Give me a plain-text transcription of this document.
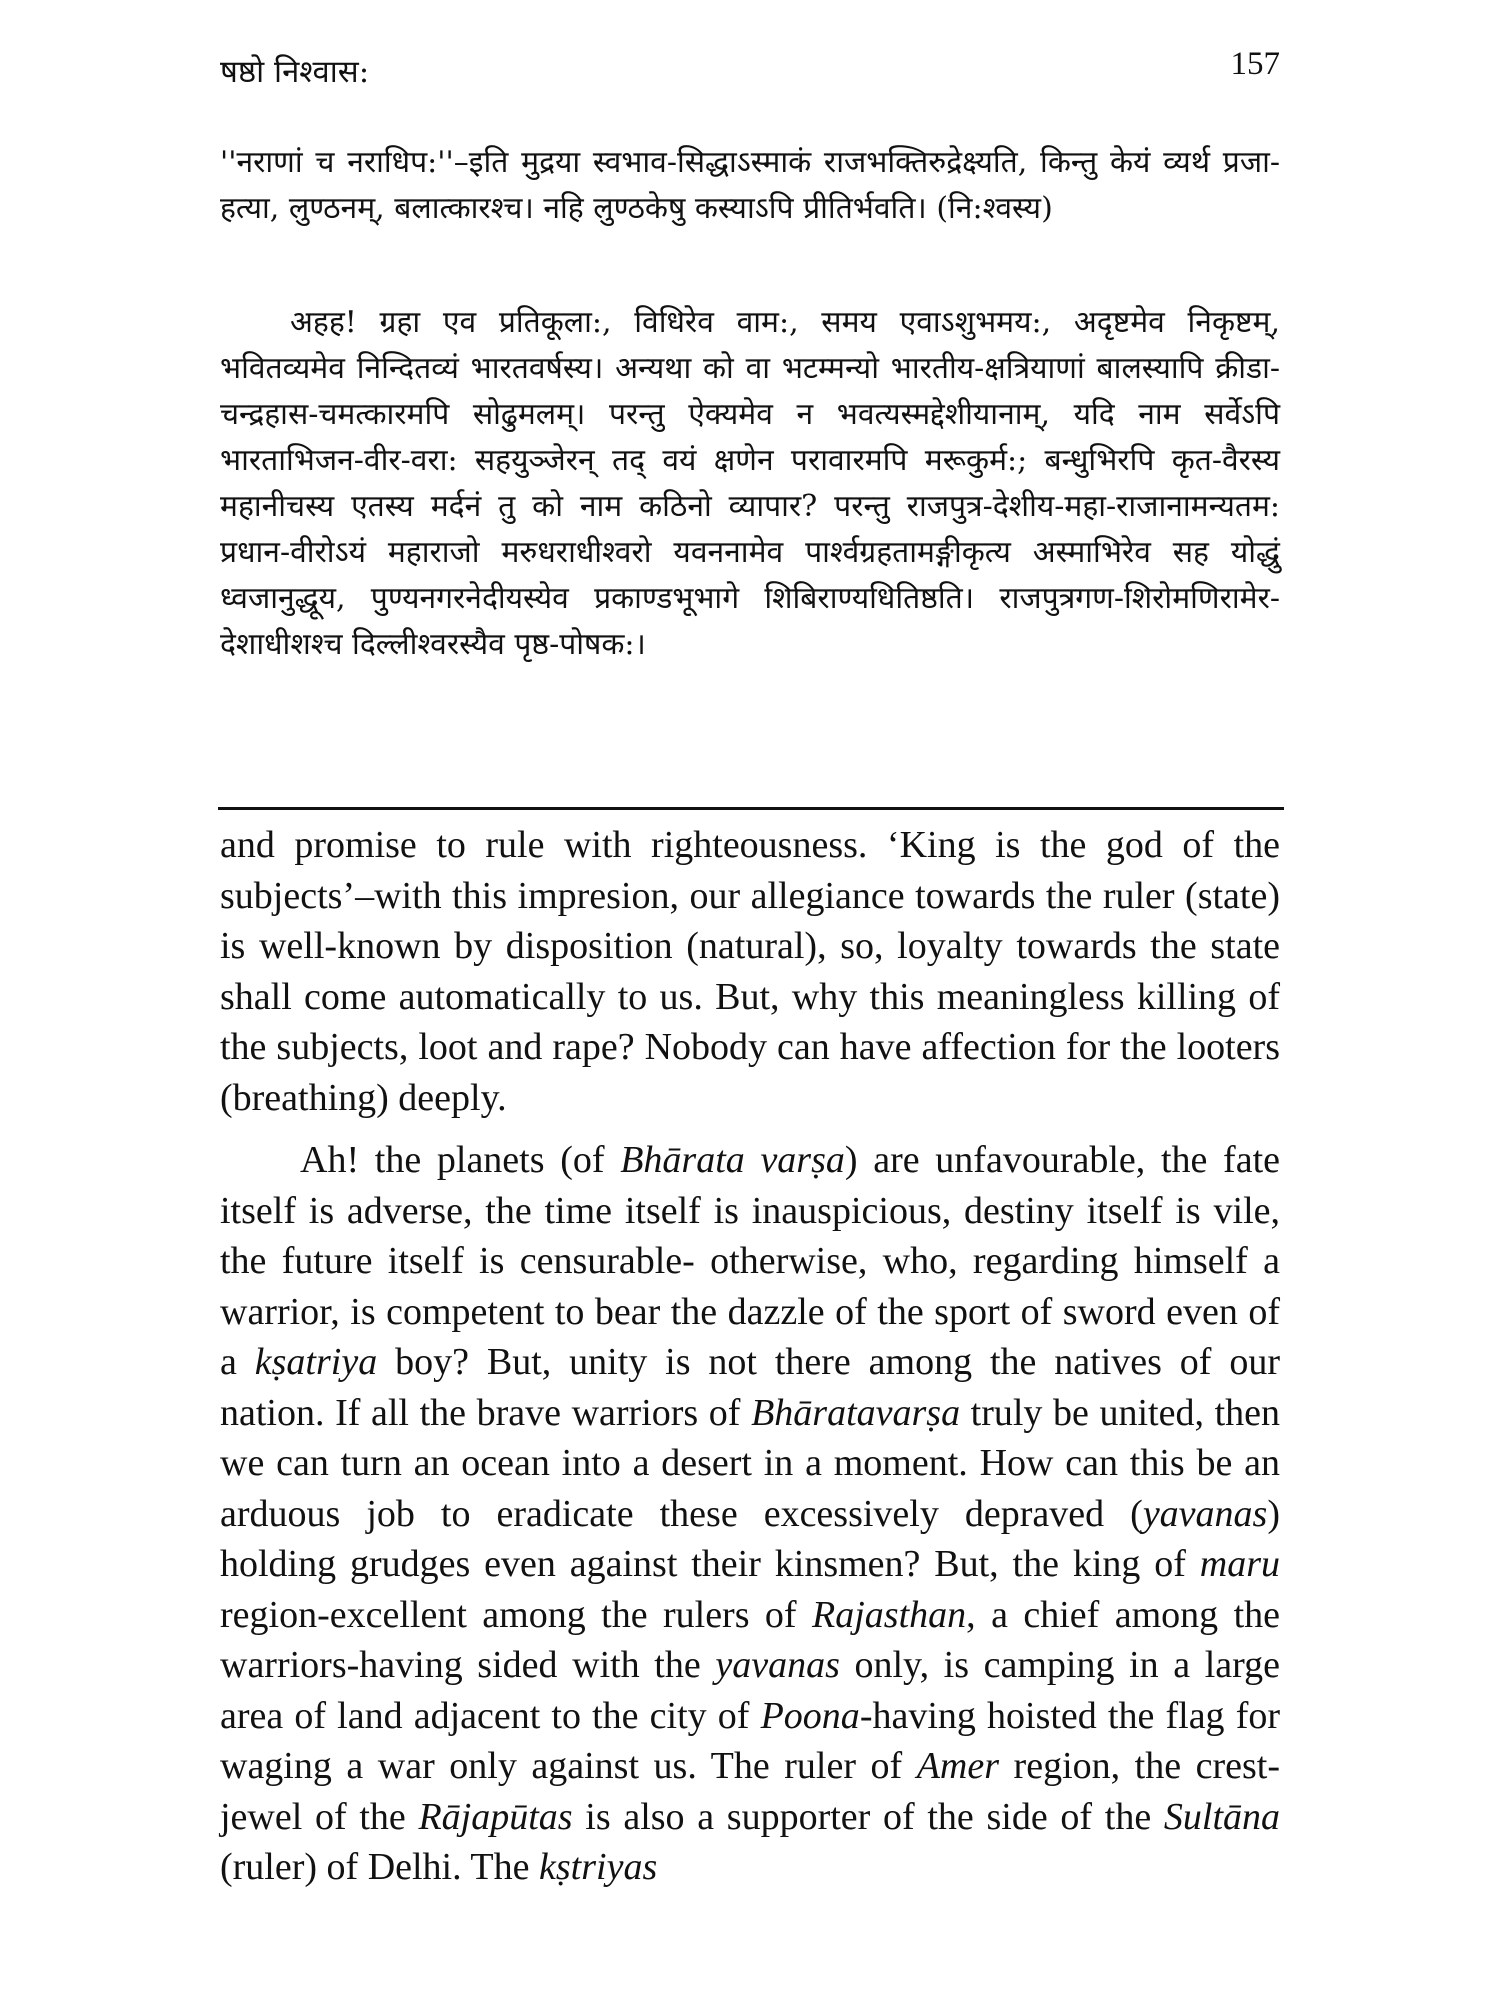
षष्ठो निश्वास:	157

''नराणां च नराधिप:''–इति मुद्रया स्वभाव-सिद्धाऽस्माकं राजभक्तिरुद्रेक्ष्यति, किन्तु केयं व्यर्थ प्रजा-हत्या, लुण्ठनम्, बलात्कारश्च। नहि लुण्ठकेषु कस्याऽपि प्रीतिर्भवति। (नि:श्वस्य)

अहह! ग्रहा एव प्रतिकूला:, विधिरेव वाम:, समय एवाऽशुभमय:, अदृष्टमेव निकृष्टम्, भवितव्यमेव निन्दितव्यं भारतवर्षस्य। अन्यथा को वा भटम्मन्यो भारतीय-क्षत्रियाणां बालस्यापि क्रीडा-चन्द्रहास-चमत्कारमपि सोढुमलम्। परन्तु ऐक्यमेव न भवत्यस्मद्देशीयानाम्, यदि नाम सर्वेऽपि भारताभिजन-वीर-वरा: सहयुञ्जेरन् तद् वयं क्षणेन परावारमपि मरूकुर्म:; बन्धुभिरपि कृत-वैरस्य महानीचस्य एतस्य मर्दनं तु को नाम कठिनो व्यापार? परन्तु राजपुत्र-देशीय-महा-राजानामन्यतम: प्रधान-वीरोऽयं महाराजो मरुधराधीश्वरो यवननामेव पार्श्वग्रहतामङ्गीकृत्य अस्माभिरेव सह योद्धुं ध्वजानुद्धूय, पुण्यनगरनेदीयस्येव प्रकाण्डभूभागे शिबिराण्यधितिष्ठति। राजपुत्रगण-शिरोमणिरामेर-देशाधीशश्च दिल्लीश्वरस्यैव पृष्ठ-पोषक:।

and promise to rule with righteousness. ‘King is the god of the subjects’–with this impresion, our allegiance towards the ruler (state) is well-known by disposition (natural), so, loyalty towards the state shall come automatically to us. But, why this meaningless killing of the subjects, loot and rape? Nobody can have affection for the looters (breathing) deeply.

Ah! the planets (of Bhārata varṣa) are unfavourable, the fate itself is adverse, the time itself is inauspicious, destiny itself is vile, the future itself is censurable- otherwise, who, regarding himself a warrior, is competent to bear the dazzle of the sport of sword even of a kṣatriya boy? But, unity is not there among the natives of our nation. If all the brave warriors of Bhāratavarṣa truly be united, then we can turn an ocean into a desert in a moment. How can this be an arduous job to eradicate these excessively depraved (yavanas) holding grudges even against their kinsmen? But, the king of maru region-excellent among the rulers of Rajasthan, a chief among the warriors-having sided with the yavanas only, is camping in a large area of land adjacent to the city of Poona-having hoisted the flag for waging a war only against us. The ruler of Amer region, the crest-jewel of the Rājapūtas is also a supporter of the side of the Sultāna (ruler) of Delhi. The kṣtriyas
